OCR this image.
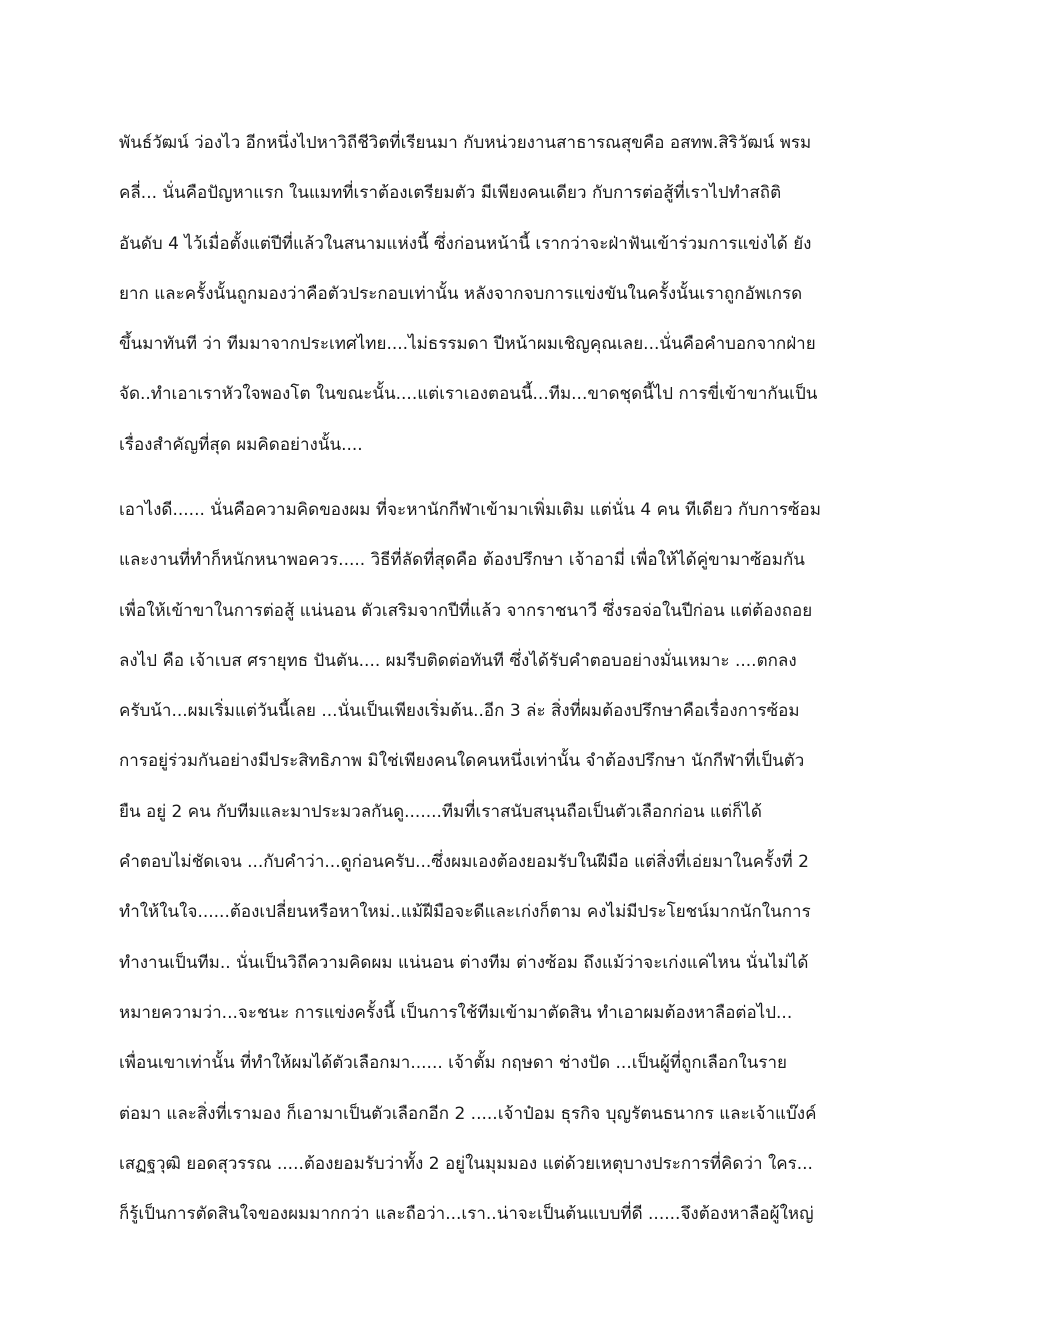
พันธ์วัฒน์ ว่องไว อีกหนึ่งไปหาวิถีชีวิตที่เรียนมา กับหน่วยงานสาธารณสุขคือ อสทพ.สิริวัฒน์ พรม
คลี่... นั่นคือปัญหาแรก ในแมทที่เราต้องเตรียมตัว มีเพียงคนเดียว กับการต่อสู้ที่เราไปทำสถิติ
อันดับ 4 ไว้เมื่อตั้งแต่ปีที่แล้วในสนามแห่งนี้ ซึ่งก่อนหน้านี้ เรากว่าจะฝ่าฟันเข้าร่วมการแข่งได้ ยัง
ยาก และครั้งนั้นถูกมองว่าคือตัวประกอบเท่านั้น หลังจากจบการแข่งขันในครั้งนั้นเราถูกอัพเกรด
ขึ้นมาทันที ว่า ทีมมาจากประเทศไทย....ไม่ธรรมดา ปีหน้าผมเชิญคุณเลย...นั่นคือคำบอกจากฝ่าย
จัด..ทำเอาเราหัวใจพองโต ในขณะนั้น....แต่เราเองตอนนี้...ทีม...ขาดชุดนี้ไป การขี่เข้าขากันเป็น
เรื่องสำคัญที่สุด ผมคิดอย่างนั้น....
เอาไงดี...... นั่นคือความคิดของผม ที่จะหานักกีฬาเข้ามาเพิ่มเติม แต่นั่น 4 คน ทีเดียว กับการซ้อม
และงานที่ทำก็หนักหนาพอควร..... วิธีที่ลัดที่สุดคือ ต้องปรึกษา เจ้าอามี่ เพื่อให้ได้คู่ขามาซ้อมกัน
เพื่อให้เข้าขาในการต่อสู้ แน่นอน ตัวเสริมจากปีที่แล้ว จากราชนาวี ซึ่งรอจ่อในปีก่อน แต่ต้องถอย
ลงไป คือ เจ้าเบส ศรายุทธ ปันตัน.... ผมรีบติดต่อทันที ซึ่งได้รับคำตอบอย่างมั่นเหมาะ ....ตกลง
ครับน้า...ผมเริ่มแต่วันนี้เลย ...นั่นเป็นเพียงเริ่มต้น..อีก 3 ล่ะ สิ่งที่ผมต้องปรึกษาคือเรื่องการซ้อม
การอยู่ร่วมกันอย่างมีประสิทธิภาพ มิใช่เพียงคนใดคนหนึ่งเท่านั้น จำต้องปรึกษา นักกีฬาที่เป็นตัว
ยืน อยู่ 2 คน กับทีมและมาประมวลกันดู.......ทีมที่เราสนับสนุนถือเป็นตัวเลือกก่อน แต่ก็ได้
คำตอบไม่ชัดเจน ...กับคำว่า...ดูก่อนครับ...ซึ่งผมเองต้องยอมรับในฝีมือ แต่สิ่งที่เอ่ยมาในครั้งที่ 2
ทำให้ในใจ......ต้องเปลี่ยนหรือหาใหม่..แม้ฝีมือจะดีและเก่งก็ตาม คงไม่มีประโยชน์มากนักในการ
ทำงานเป็นทีม.. นั่นเป็นวิถีความคิดผม แน่นอน ต่างทีม ต่างซ้อม ถึงแม้ว่าจะเก่งแค่ไหน นั่นไม่ได้
หมายความว่า...จะชนะ การแข่งครั้งนี้ เป็นการใช้ทีมเข้ามาตัดสิน ทำเอาผมต้องหาลือต่อไป...
เพื่อนเขาเท่านั้น ที่ทำให้ผมได้ตัวเลือกมา...... เจ้าตั้ม กฤษดา ช่างปัด ...เป็นผู้ที่ถูกเลือกในราย
ต่อมา และสิ่งที่เรามอง ก็เอามาเป็นตัวเลือกอีก 2 .....เจ้าป๋อม ธุรกิจ บุญรัตนธนากร และเจ้าแบ๊งค์
เสฏฐวุฒิ ยอดสุวรรณ .....ต้องยอมรับว่าทั้ง 2 อยู่ในมุมมอง แต่ด้วยเหตุบางประการที่คิดว่า ใคร...
ก็รู้เป็นการตัดสินใจของผมมากกว่า และถือว่า...เรา..น่าจะเป็นต้นแบบที่ดี ......จึงต้องหาลือผู้ใหญ่
